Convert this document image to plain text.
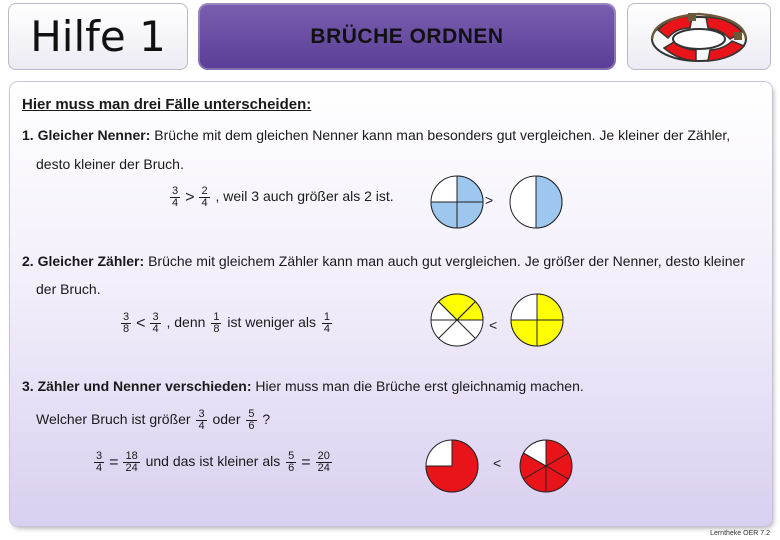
Hilfe 1	BRÜCHE ORDNEN
Hier muss man drei Fälle unterscheiden:
1. Gleicher Nenner: Brüche mit dem gleichen Nenner kann man besonders gut vergleichen. Je kleiner der Zähler,
desto kleiner der Bruch.
$\frac{3}{4} > \frac{2}{4}$ , weil 3 auch größer als 2 ist.	>
2. Gleicher Zähler: Brüche mit gleichem Zähler kann man auch gut vergleichen. Je größer der Nenner, desto kleiner
der Bruch.
$\frac{3}{8} < \frac{3}{4}$ , denn $\frac{1}{8}$ ist weniger als $\frac{1}{4}$	<
3. Zähler und Nenner verschieden: Hier muss man die Brüche erst gleichnamig machen.
Welcher Bruch ist größer $\frac{3}{4}$ oder $\frac{5}{6}$ ?
$\frac{3}{4} = \frac{18}{24}$ und das ist kleiner als $\frac{5}{6} = \frac{20}{24}$	<
Lerntheke OER 7.2
